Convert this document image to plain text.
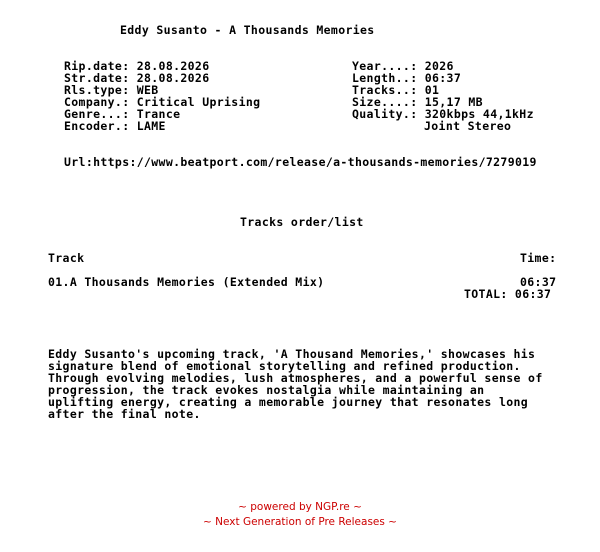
Eddy Susanto - A Thousands Memories
Rip.date: 28.08.2026
Str.date: 28.08.2026
Rls.type: WEB
Company.: Critical Uprising
Genre...: Trance
Encoder.: LAME
Year....: 2026
Length..: 06:37
Tracks..: 01
Size....: 15,17 MB
Quality.: 320kbps 44,1kHz
Joint Stereo
Url:https://www.beatport.com/release/a-thousands-memories/7279019
Tracks order/list
Track	Time:
01.A Thousands Memories (Extended Mix)	06:37
TOTAL: 06:37
Eddy Susanto's upcoming track, 'A Thousand Memories,' showcases his
signature blend of emotional storytelling and refined production.
Through evolving melodies, lush atmospheres, and a powerful sense of
progression, the track evokes nostalgia while maintaining an
uplifting energy, creating a memorable journey that resonates long
after the final note.
~ powered by NGP.re ~
~ Next Generation of Pre Releases ~
